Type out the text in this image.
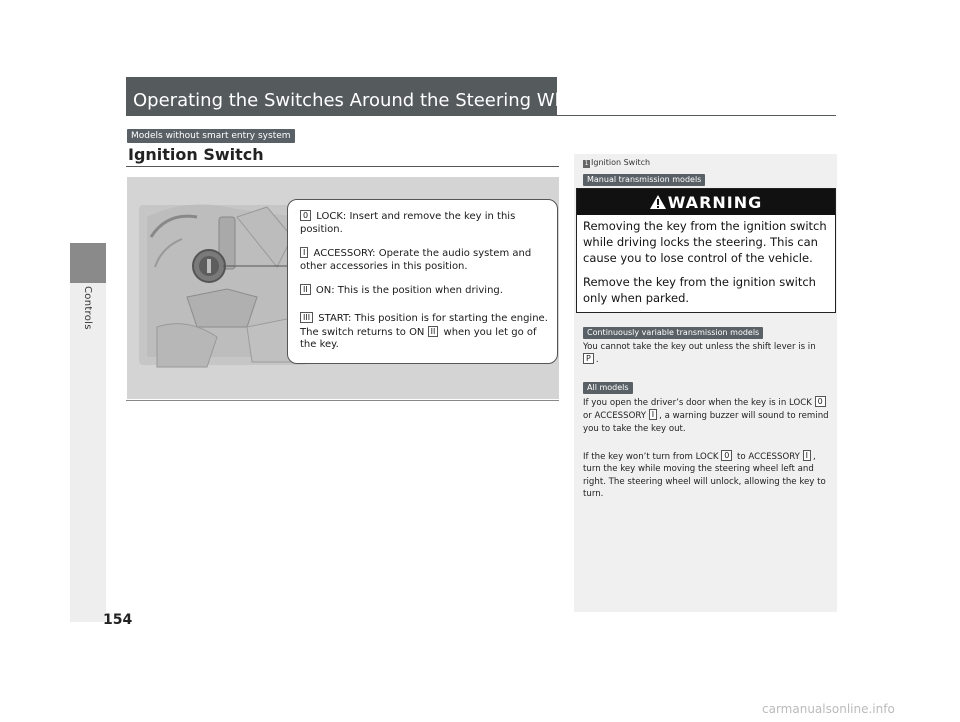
Controls
154
Operating the Switches Around the Steering Wheel
Models without smart entry system
Ignition Switch
0 LOCK: Insert and remove the key in this position.
I ACCESSORY: Operate the audio system and other accessories in this position.
II ON: This is the position when driving.
III START: This position is for starting the engine. The switch returns to ON II when you let go of the key.
1 Ignition Switch
Manual transmission models
WARNING
Removing the key from the ignition switch while driving locks the steering. This can cause you to lose control of the vehicle.
Remove the key from the ignition switch only when parked.
Continuously variable transmission models
You cannot take the key out unless the shift lever is in P .
All models
If you open the driver’s door when the key is in LOCK 0 or ACCESSORY I , a warning buzzer will sound to remind you to take the key out.
If the key won’t turn from LOCK 0 to ACCESSORY I , turn the key while moving the steering wheel left and right. The steering wheel will unlock, allowing the key to turn.
carmanualsonline.info
